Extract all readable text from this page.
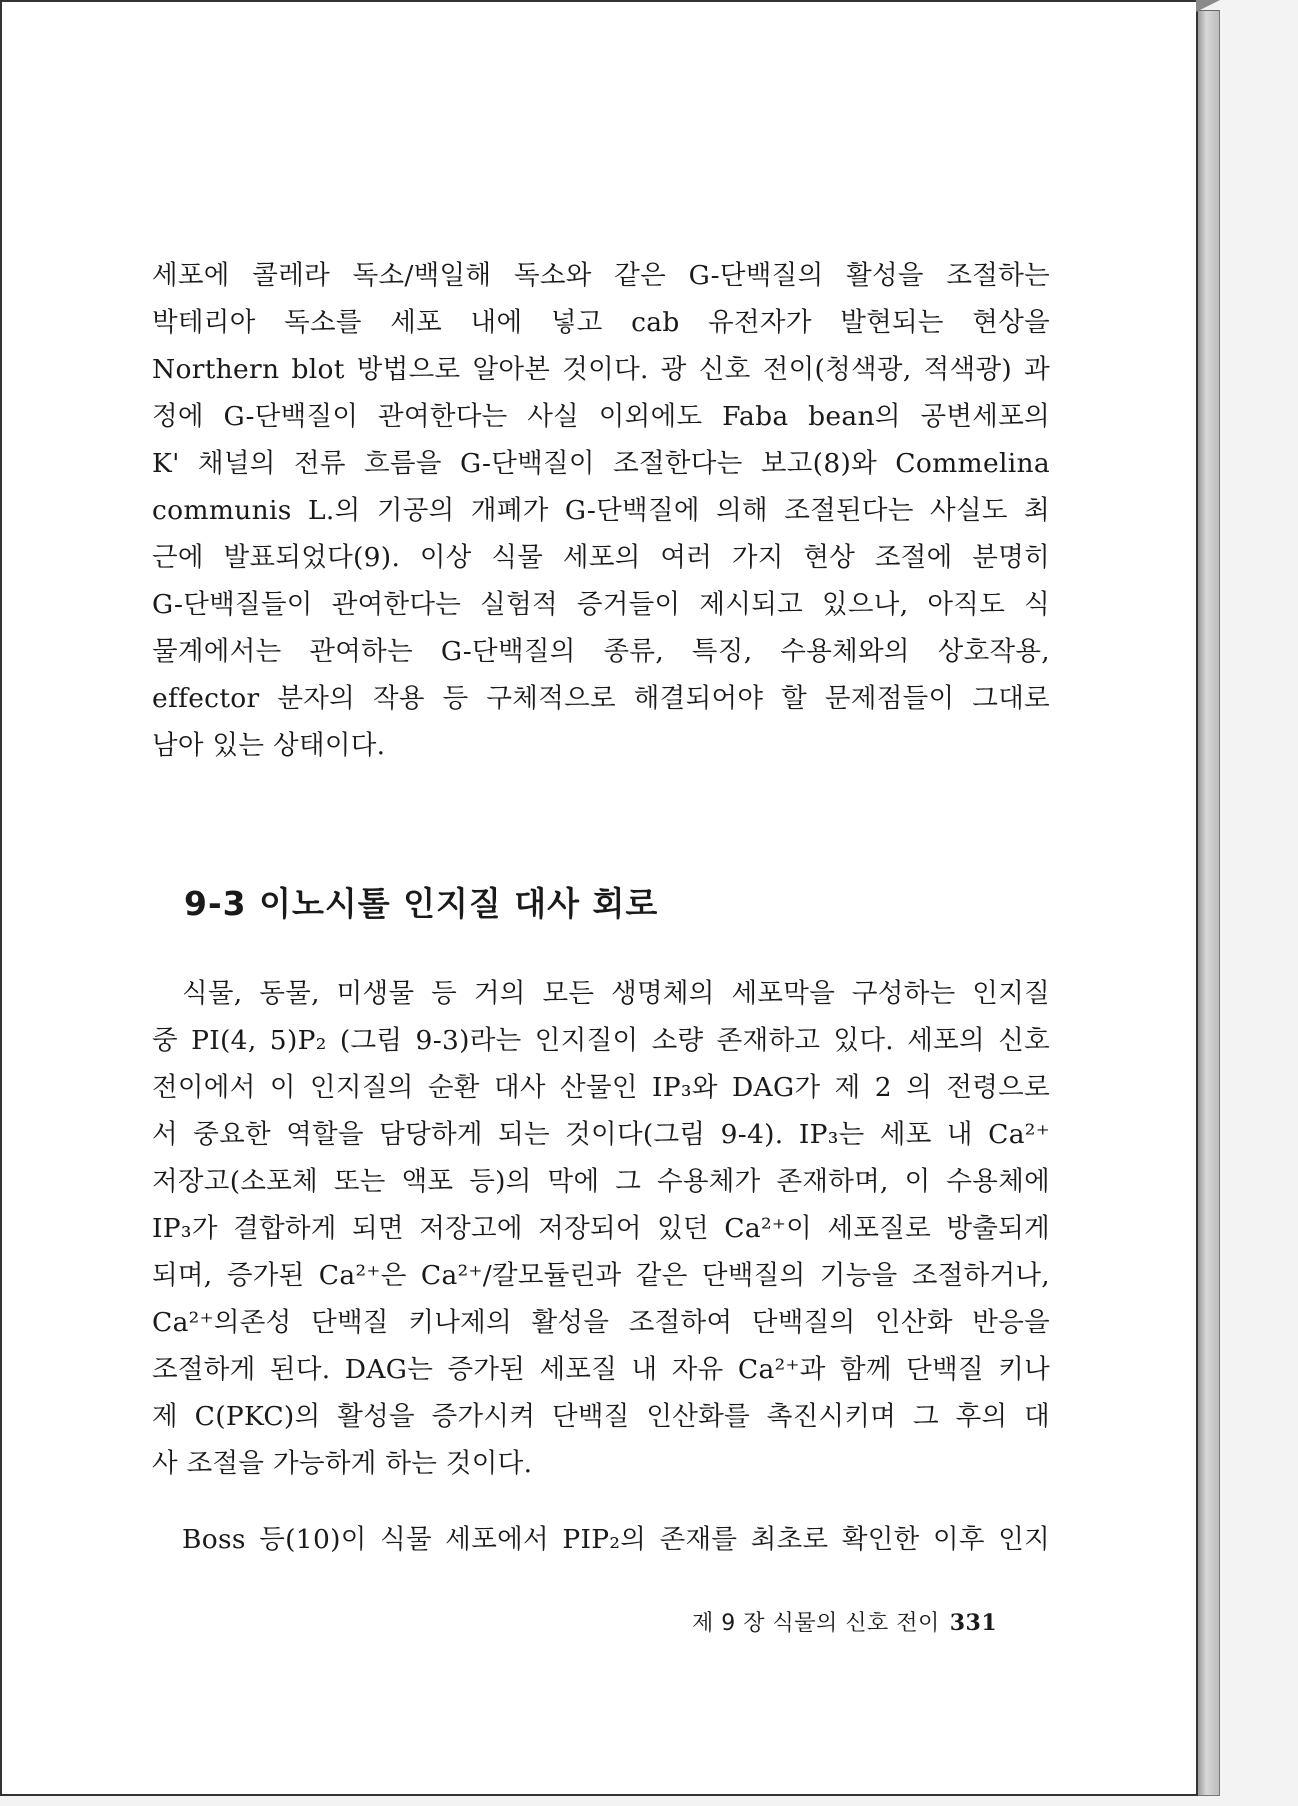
세포에 콜레라 독소/백일해 독소와 같은 G-단백질의 활성을 조절하는
박테리아 독소를 세포 내에 넣고 cab 유전자가 발현되는 현상을
Northern blot 방법으로 알아본 것이다. 광 신호 전이(청색광, 적색광) 과
정에 G-단백질이 관여한다는 사실 이외에도 Faba bean의 공변세포의
K' 채널의 전류 흐름을 G-단백질이 조절한다는 보고(8)와 Commelina
communis L.의 기공의 개폐가 G-단백질에 의해 조절된다는 사실도 최
근에 발표되었다(9). 이상 식물 세포의 여러 가지 현상 조절에 분명히
G-단백질들이 관여한다는 실험적 증거들이 제시되고 있으나, 아직도 식
물계에서는 관여하는 G-단백질의 종류, 특징, 수용체와의 상호작용,
effector 분자의 작용 등 구체적으로 해결되어야 할 문제점들이 그대로
남아 있는 상태이다.
9-3 이노시톨 인지질 대사 회로
식물, 동물, 미생물 등 거의 모든 생명체의 세포막을 구성하는 인지질
중 PI(4, 5)P₂ (그림 9-3)라는 인지질이 소량 존재하고 있다. 세포의 신호
전이에서 이 인지질의 순환 대사 산물인 IP₃와 DAG가 제 2 의 전령으로
서 중요한 역할을 담당하게 되는 것이다(그림 9-4). IP₃는 세포 내 Ca²⁺
저장고(소포체 또는 액포 등)의 막에 그 수용체가 존재하며, 이 수용체에
IP₃가 결합하게 되면 저장고에 저장되어 있던 Ca²⁺이 세포질로 방출되게
되며, 증가된 Ca²⁺은 Ca²⁺/칼모듈린과 같은 단백질의 기능을 조절하거나,
Ca²⁺의존성 단백질 키나제의 활성을 조절하여 단백질의 인산화 반응을
조절하게 된다. DAG는 증가된 세포질 내 자유 Ca²⁺과 함께 단백질 키나
제 C(PKC)의 활성을 증가시켜 단백질 인산화를 촉진시키며 그 후의 대
사 조절을 가능하게 하는 것이다.
Boss 등(10)이 식물 세포에서 PIP₂의 존재를 최초로 확인한 이후 인지
제 9 장 식물의 신호 전이 331
